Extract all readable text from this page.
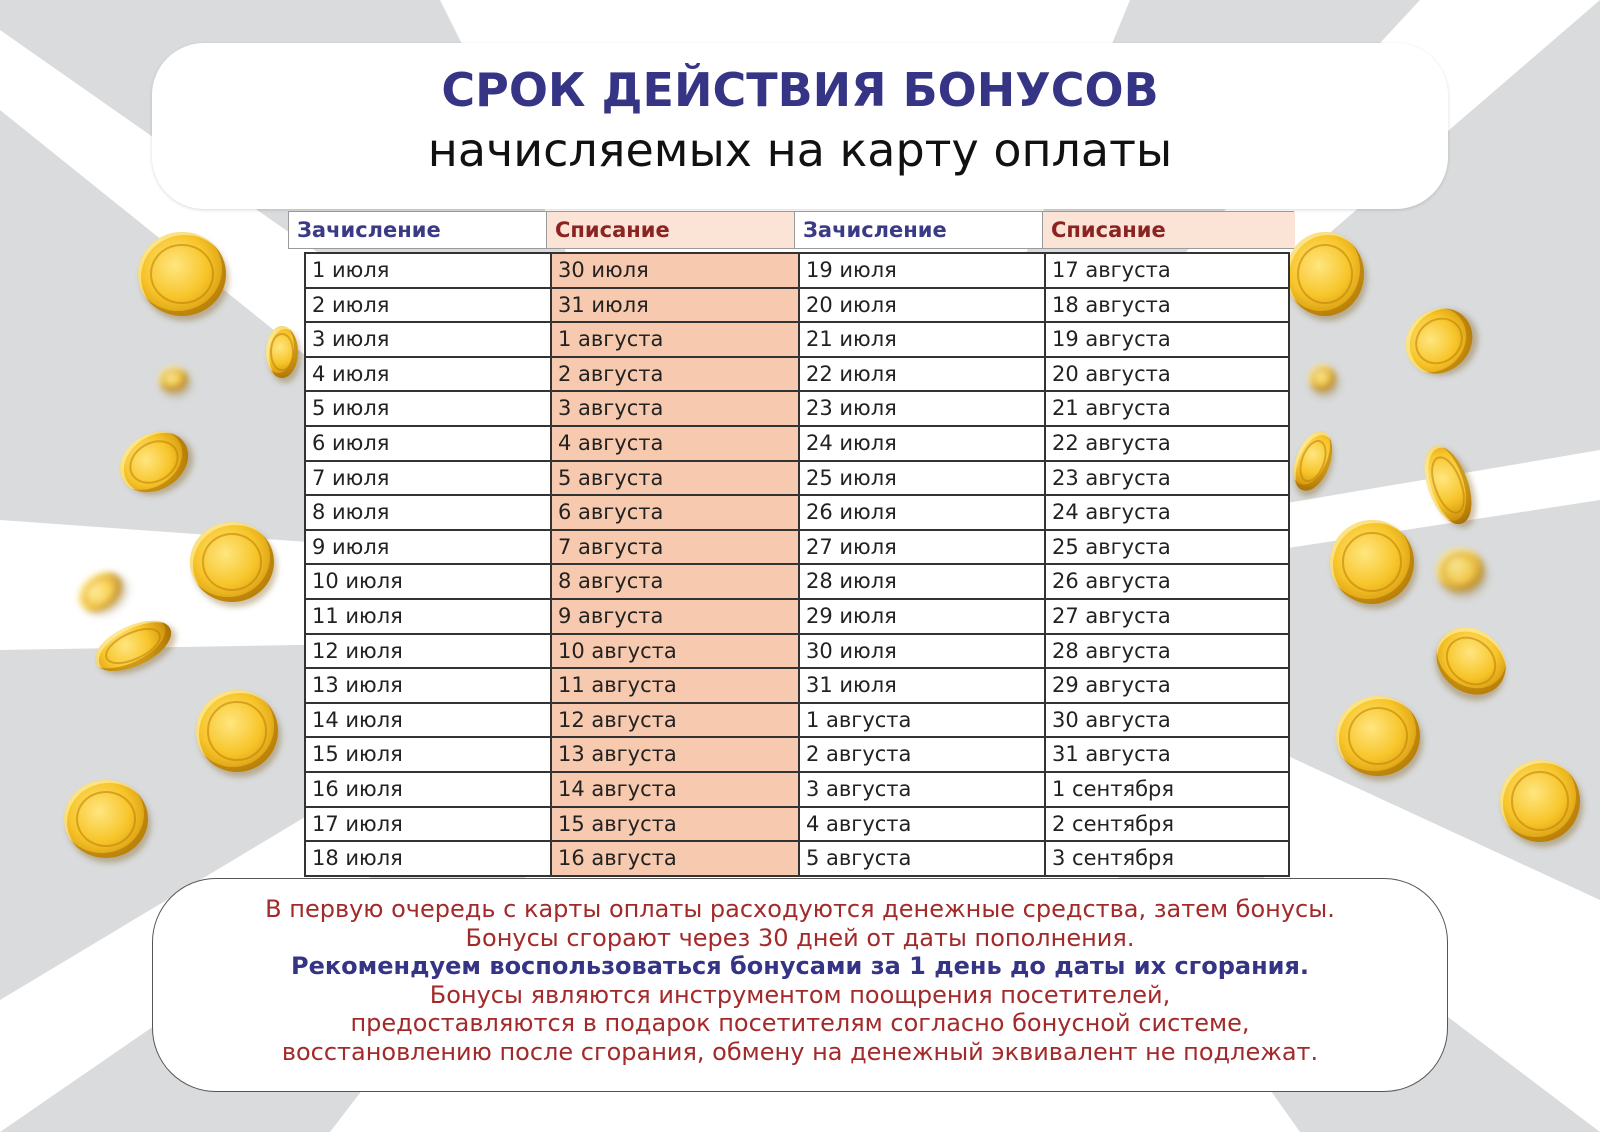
СРОК ДЕЙСТВИЯ БОНУСОВ
начисляемых на карту оплаты
Зачисление	Списание	Зачисление	Списание
1 июля	30 июля	19 июля	17 августа
2 июля	31 июля	20 июля	18 августа
3 июля	1 августа	21 июля	19 августа
4 июля	2 августа	22 июля	20 августа
5 июля	3 августа	23 июля	21 августа
6 июля	4 августа	24 июля	22 августа
7 июля	5 августа	25 июля	23 августа
8 июля	6 августа	26 июля	24 августа
9 июля	7 августа	27 июля	25 августа
10 июля	8 августа	28 июля	26 августа
11 июля	9 августа	29 июля	27 августа
12 июля	10 августа	30 июля	28 августа
13 июля	11 августа	31 июля	29 августа
14 июля	12 августа	1 августа	30 августа
15 июля	13 августа	2 августа	31 августа
16 июля	14 августа	3 августа	1 сентября
17 июля	15 августа	4 августа	2 сентября
18 июля	16 августа	5 августа	3 сентября
В первую очередь с карты оплаты расходуются денежные средства, затем бонусы.
Бонусы сгорают через 30 дней от даты пополнения.
Рекомендуем воспользоваться бонусами за 1 день до даты их сгорания.
Бонусы являются инструментом поощрения посетителей,
предоставляются в подарок посетителям согласно бонусной системе,
восстановлению после сгорания, обмену на денежный эквивалент не подлежат.
